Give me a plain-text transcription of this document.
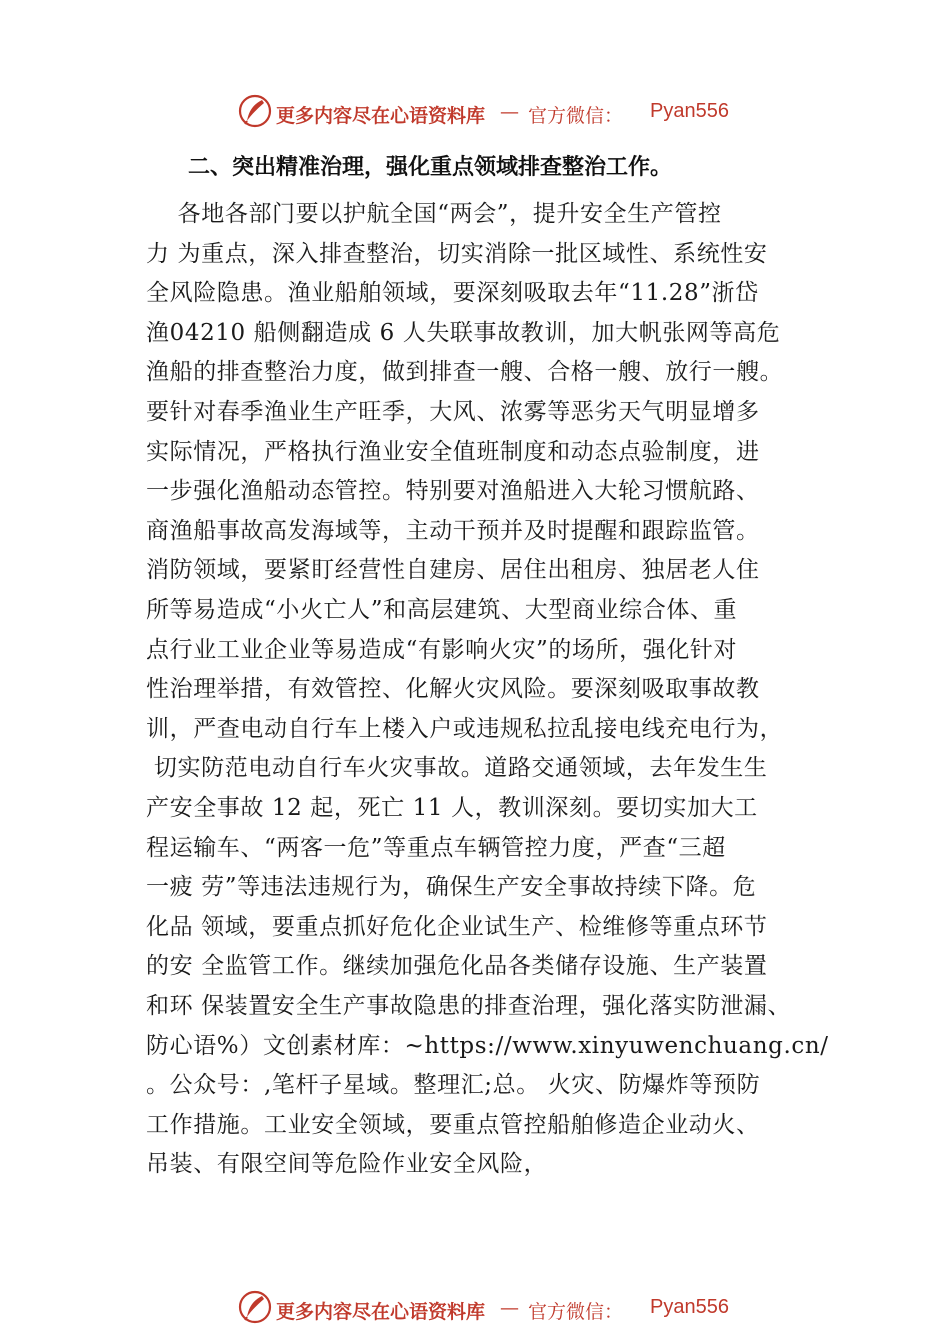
更多内容尽在心语资料库 — 官方微信： Pyan556
二、突出精准治理，强化重点领域排查整治工作。
各地各部门要以护航全国“两会”，提升安全生产管控
力 为重点，深入排查整治，切实消除一批区域性、系统性安
全风险隐患。渔业船舶领域，要深刻吸取去年“11.28”浙岱
渔04210 船侧翻造成 6 人失联事故教训，加大帆张网等高危
渔船的排查整治力度，做到排查一艘、合格一艘、放行一艘。
要针对春季渔业生产旺季，大风、浓雾等恶劣天气明显增多
实际情况，严格执行渔业安全值班制度和动态点验制度，进
一步强化渔船动态管控。特别要对渔船进入大轮习惯航路、
商渔船事故高发海域等，主动干预并及时提醒和跟踪监管。
消防领域，要紧盯经营性自建房、居住出租房、独居老人住
所等易造成“小火亡人”和高层建筑、大型商业综合体、重
点行业工业企业等易造成“有影响火灾”的场所，强化针对
性治理举措，有效管控、化解火灾风险。要深刻吸取事故教
训，严查电动自行车上楼入户或违规私拉乱接电线充电行为，
切实防范电动自行车火灾事故。道路交通领域，去年发生生
产安全事故 12 起，死亡 11 人，教训深刻。要切实加大工
程运输车、“两客一危”等重点车辆管控力度，严查“三超
一疲 劳”等违法违规行为，确保生产安全事故持续下降。危
化品 领域，要重点抓好危化企业试生产、检维修等重点环节
的安 全监管工作。继续加强危化品各类储存设施、生产装置
和环 保装置安全生产事故隐患的排查治理，强化落实防泄漏、
防心语%）文创素材库：~https://www.xinyuwenchuang.cn/
。公众号：,笔杆子星域。整理汇;总。 火灾、防爆炸等预防
工作措施。工业安全领域，要重点管控船舶修造企业动火、
吊装、有限空间等危险作业安全风险，
更多内容尽在心语资料库 — 官方微信： Pyan556
